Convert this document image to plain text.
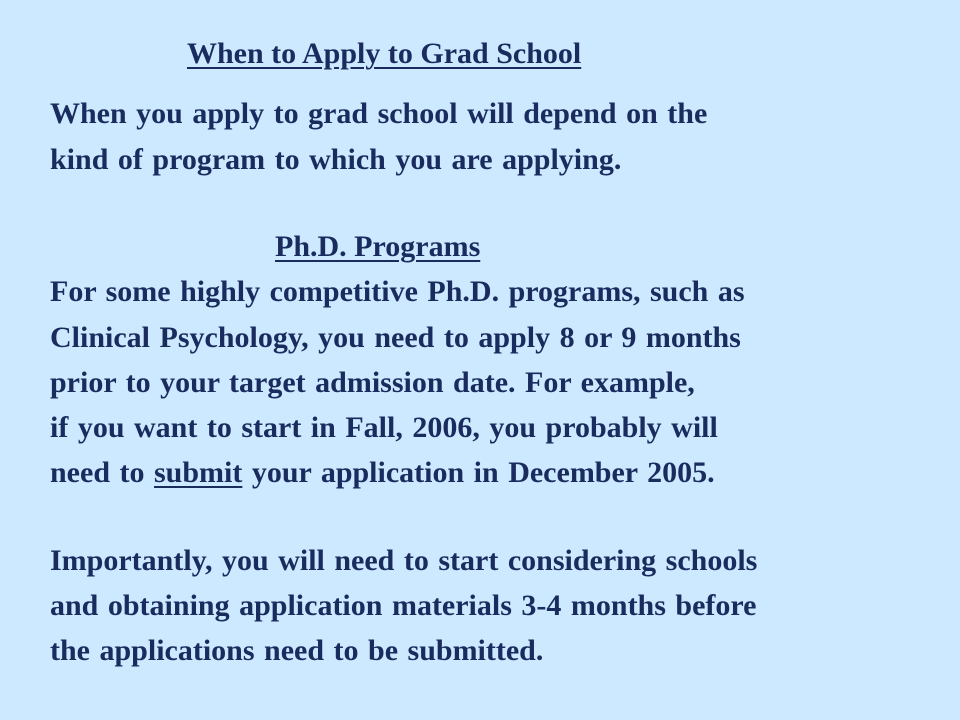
When to Apply to Grad School
When you apply to grad school will depend on the
kind of program to which you are applying.
Ph.D. Programs
For some highly competitive Ph.D. programs, such as
Clinical Psychology, you need to apply 8 or 9 months
prior to your target admission date. For example,
if you want to start in Fall, 2006, you probably will
need to submit your application in December 2005.
Importantly, you will need to start considering schools
and obtaining application materials 3-4 months before
the applications need to be submitted.
